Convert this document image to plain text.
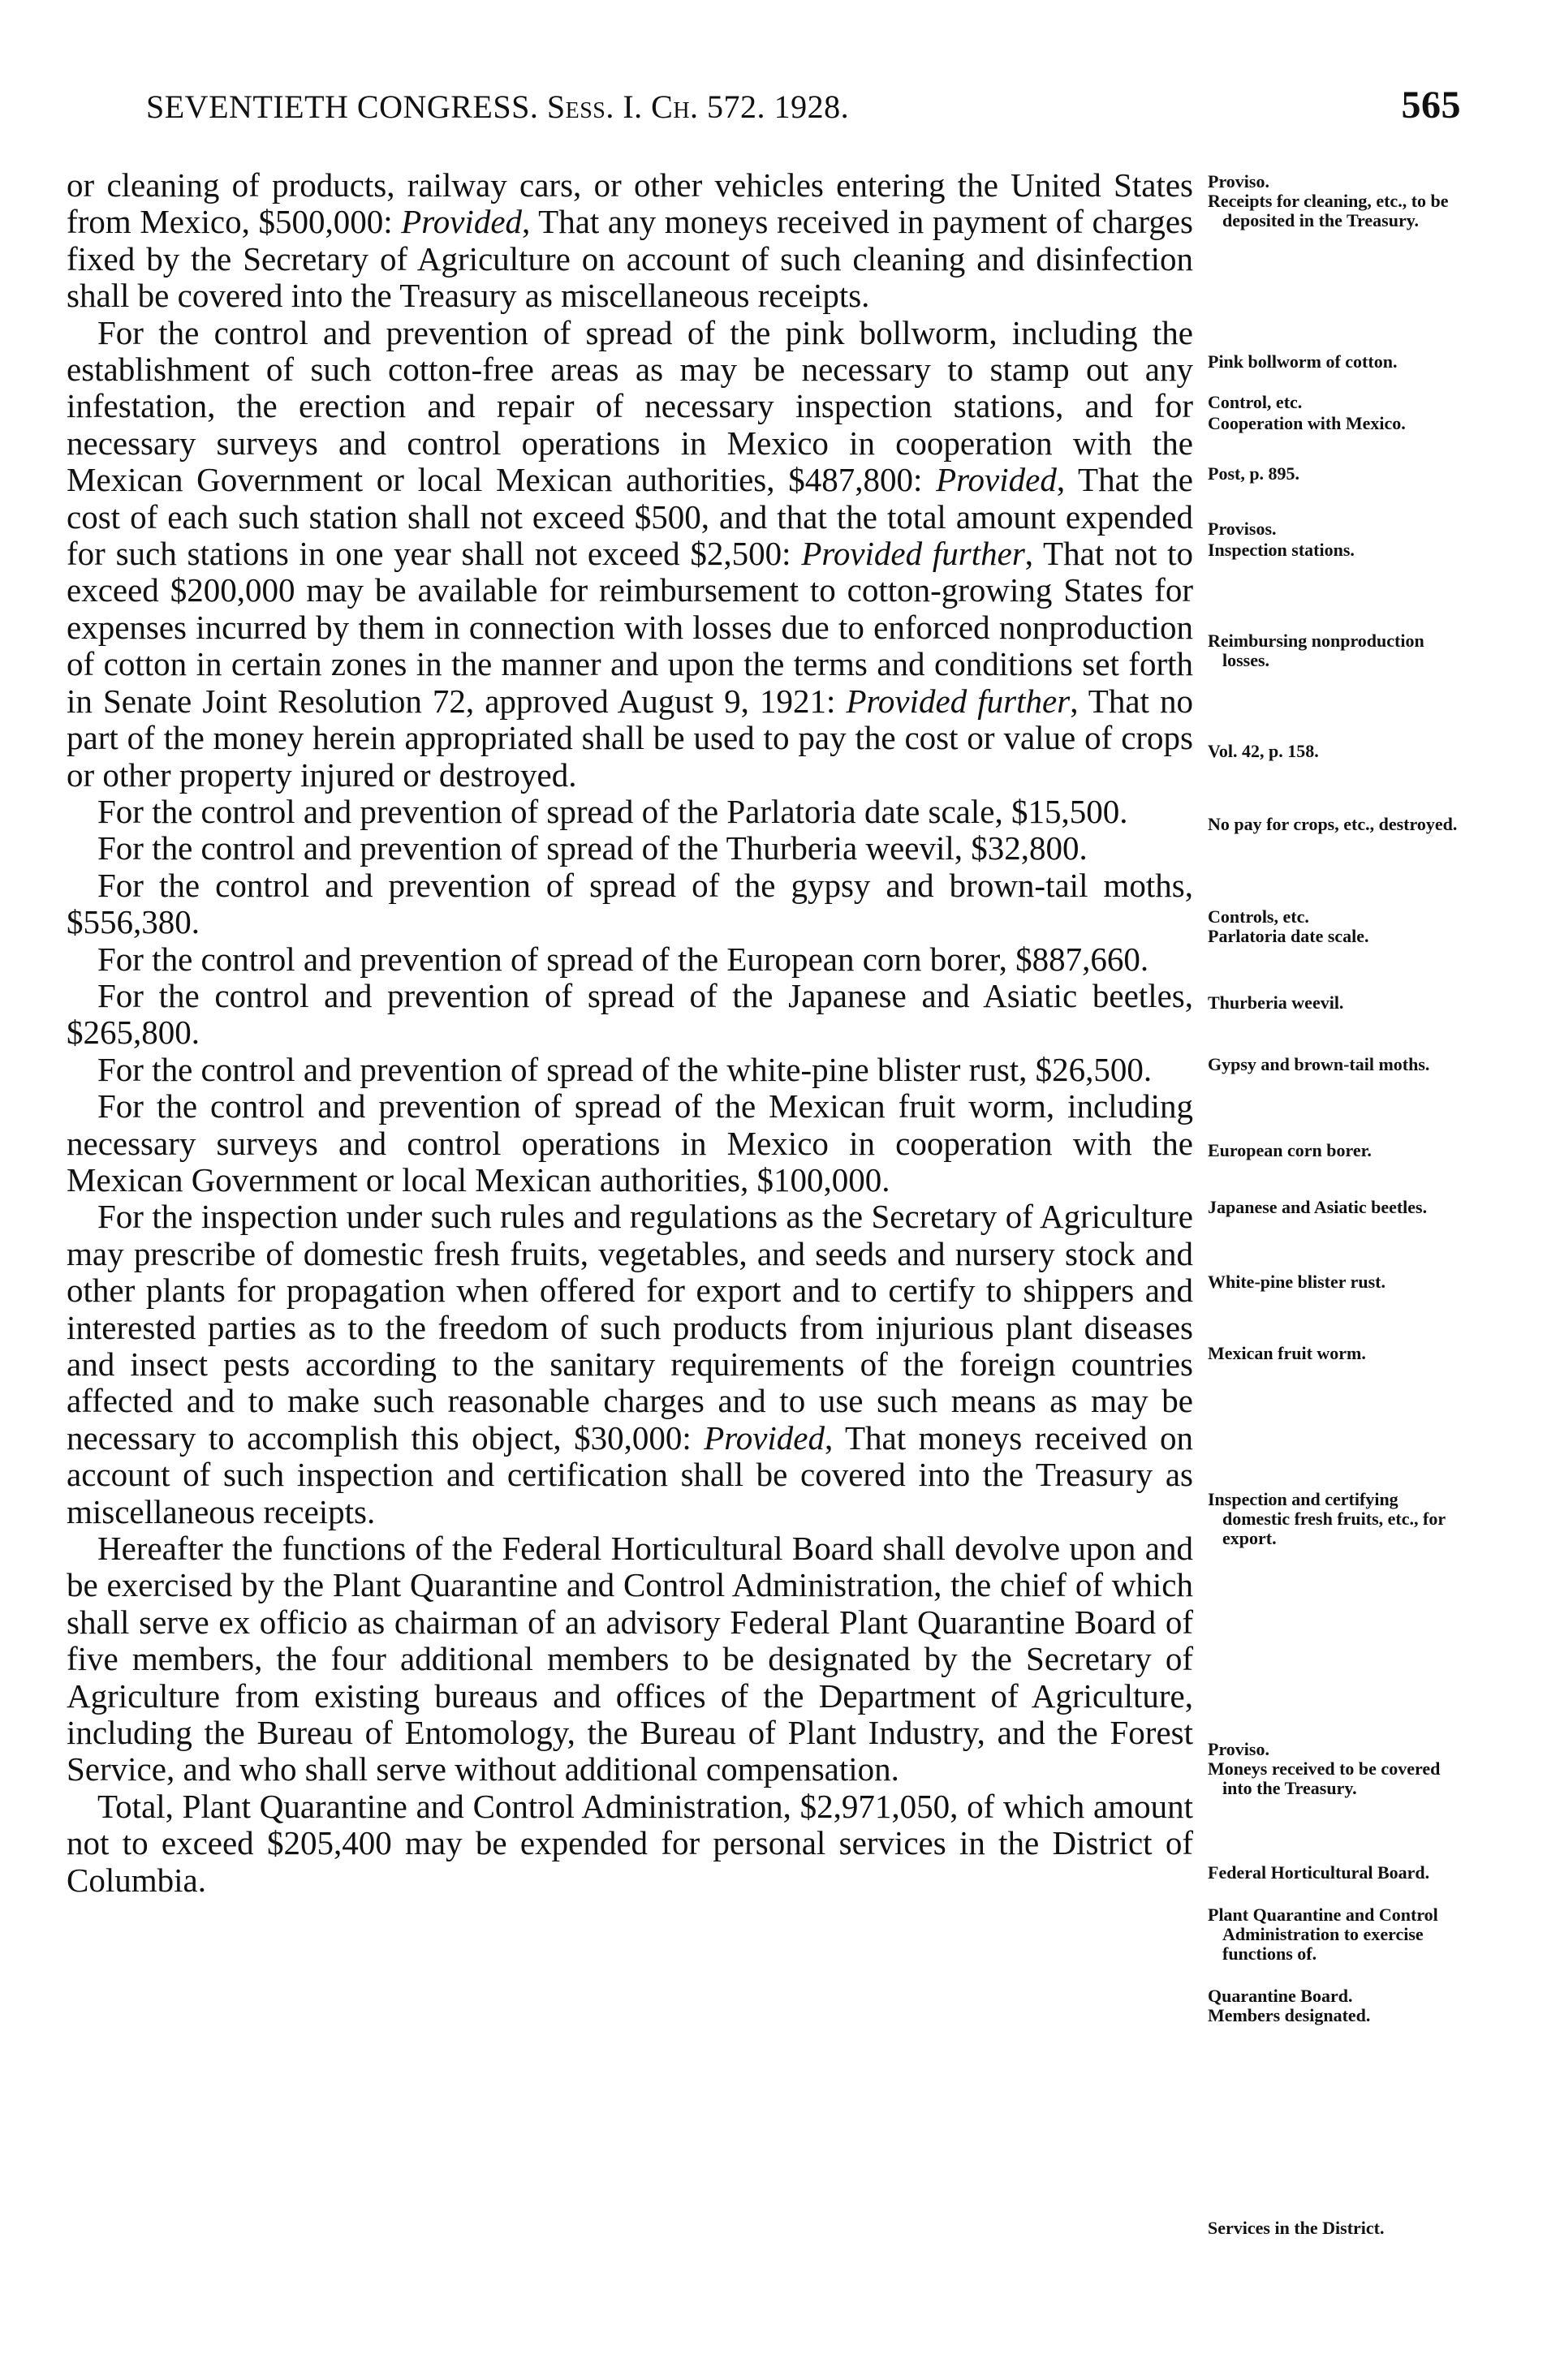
SEVENTIETH CONGRESS. Sess. I. Ch. 572. 1928.	565

or cleaning of products, railway cars, or other vehicles entering the United States from Mexico, $500,000: Provided, That any moneys received in payment of charges fixed by the Secretary of Agriculture on account of such cleaning and disinfection shall be covered into the Treasury as miscellaneous receipts.

For the control and prevention of spread of the pink bollworm, including the establishment of such cotton-free areas as may be necessary to stamp out any infestation, the erection and repair of necessary inspection stations, and for necessary surveys and control operations in Mexico in cooperation with the Mexican Government or local Mexican authorities, $487,800: Provided, That the cost of each such station shall not exceed $500, and that the total amount expended for such stations in one year shall not exceed $2,500: Provided further, That not to exceed $200,000 may be available for reimbursement to cotton-growing States for expenses incurred by them in connection with losses due to enforced nonproduction of cotton in certain zones in the manner and upon the terms and conditions set forth in Senate Joint Resolution 72, approved August 9, 1921: Provided further, That no part of the money herein appropriated shall be used to pay the cost or value of crops or other property injured or destroyed.

For the control and prevention of spread of the Parlatoria date scale, $15,500.

For the control and prevention of spread of the Thurberia weevil, $32,800.

For the control and prevention of spread of the gypsy and brown-tail moths, $556,380.

For the control and prevention of spread of the European corn borer, $887,660.

For the control and prevention of spread of the Japanese and Asiatic beetles, $265,800.

For the control and prevention of spread of the white-pine blister rust, $26,500.

For the control and prevention of spread of the Mexican fruit worm, including necessary surveys and control operations in Mexico in cooperation with the Mexican Government or local Mexican authorities, $100,000.

For the inspection under such rules and regulations as the Secretary of Agriculture may prescribe of domestic fresh fruits, vegetables, and seeds and nursery stock and other plants for propagation when offered for export and to certify to shippers and interested parties as to the freedom of such products from injurious plant diseases and insect pests according to the sanitary requirements of the foreign countries affected and to make such reasonable charges and to use such means as may be necessary to accomplish this object, $30,000: Provided, That moneys received on account of such inspection and certification shall be covered into the Treasury as miscellaneous receipts.

Hereafter the functions of the Federal Horticultural Board shall devolve upon and be exercised by the Plant Quarantine and Control Administration, the chief of which shall serve ex officio as chairman of an advisory Federal Plant Quarantine Board of five members, the four additional members to be designated by the Secretary of Agriculture from existing bureaus and offices of the Department of Agriculture, including the Bureau of Entomology, the Bureau of Plant Industry, and the Forest Service, and who shall serve without additional compensation.

Total, Plant Quarantine and Control Administration, $2,971,050, of which amount not to exceed $205,400 may be expended for personal services in the District of Columbia.

Proviso.
Receipts for cleaning, etc., to be deposited in the Treasury.
Pink bollworm of cotton.
Control, etc.
Cooperation with Mexico.
Post, p. 895.
Provisos.
Inspection stations.
Reimbursing nonproduction losses.
Vol. 42, p. 158.
No pay for crops, etc., destroyed.
Controls, etc.
Parlatoria date scale.
Thurberia weevil.
Gypsy and brown-tail moths.
European corn borer.
Japanese and Asiatic beetles.
White-pine blister rust.
Mexican fruit worm.
Inspection and certifying domestic fresh fruits, etc., for export.
Proviso.
Moneys received to be covered into the Treasury.
Federal Horticultural Board.
Plant Quarantine and Control Administration to exercise functions of.
Quarantine Board.
Members designated.
Services in the District.
